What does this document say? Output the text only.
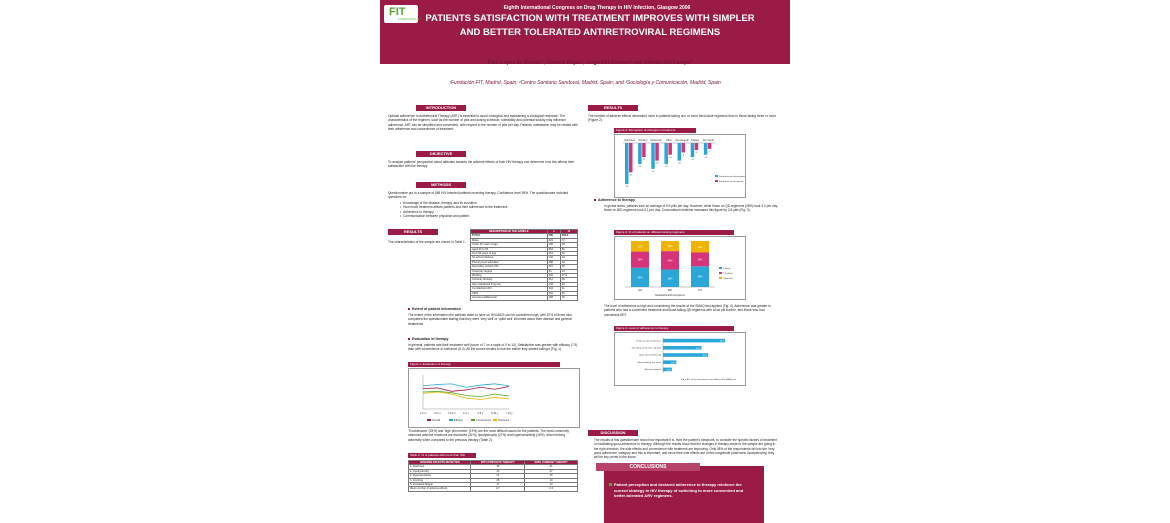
FIT
FUNDACIÓN FIT
Eighth International Congress on Drug Therapy in HIV Infection, Glasgow 2006
PATIENTS SATISFACTION WITH TREATMENT IMPROVES WITH SIMPLER AND BETTER TOLERATED ANTIRETROVIRAL REGIMENS
Pelo López de Munain¹, Daniela Rojas¹, Jorge Del Romero² and Alfredo Del Campo³
¹Fundación FIT, Madrid, Spain; ²Centro Sanitario Sandoval, Madrid, Spain; and ³Sociología y Comunicación, Madrid, Spain
INTRODUCTION
Optimal adherence to Antiretroviral Therapy (ART) is essential to avoid virological and maintaining a virological response. The characteristics of the regimen, such as the number of pills and dosing schedule, tolerability and potential toxicity may influence adherence. ART can be simplified and convenient, with respect to the number of pills per day. Patients' satisfaction may be related with their adherence and convenience of treatment.
OBJECTIVE
To analyse patients' perspective about attitudes towards the adverse effects of their HIV therapy and determine how this affects their satisfaction with the therapy.
METHODS
Questionnaire put to a sample of 585 HIV-infected patients receiving therapy. Confidence level 95%. The questionnaire included questions on:
• Knowledge of the disease, therapy, and its evolution.
• How much treatment affects patients and their adherence to the treatment.
• Adherence to therapy.
• Communication between physician and patient.
RESULTS
The characteristics of the sample are shown in Table 1.
DESCRIPTION OF THE SAMPLE	n	%
TOTAL	585	100.0
Males	423	72
Under 36 years of age	108	18
Aged 36 to 50	364	62
Over 50 years of age	113	19
No school diploma	142	24
Primary level education	188	32
Secondary school (VS)	207	35
University degree	84	14
Working	220	37.6
Currently drinking	212	36
Has maintained drug use	134	23
Co-infection HCV	244	41
AIDS	291	49
Homosexual/bisexual	168	29
Extent of patient information
The extent of the information the patients claim to have on HIV/AIDS can be considered high, with 87% of those who completed the questionnaire stating that they were 'very well' or 'quite well' informed about their disease and general treatments.
Evaluation of therapy
In general, patients rate their treatment well (score of 7 on a scale of 0 to 10). Satisfaction was greater with efficacy (7.5) than with convenience or tolerance (6.4). All the scores tended to rise the earlier they started taking it (Fig. 1).
Figure 1. Evaluation of therapy
1-3 m	4-6 m	7-12 m	1-2 y	2-5 y	5-10 y	> 10 y
Overall	Efficacy	Convenience	Tolerance
'Troublesome' (25%) and 'high pill number' (19%) are the most difficult issues for the patients. The most commonly observed adverse reactions are diarrhoea (31%), lipodystrophy (27%) and hypersensitivity (16%), which belong adversely when compared to the previous therapy (Table 2).
Table 2. % of patients with more than 40s
ADVERSE EFFECTS DETECTED	WITH PREVIOUS THERAPY	WITH CURRENT THERAPY
1. Diarrhoea	45	31
2. Lipodystrophy	43	27
3. Hypersensitivity	21	16
4. Vomiting	28	10
5. Increased fatigue	17	12
Mean number of adverse effects	2.7	2.4
RESULTS
The number of adverse effects decreased more in patients taking one or more fixed-dose regimens than in those taking three or more (Figure 2).
Figure 2. Perception of changes in treatment
Diarrhoea
-35
-25
Vomiting
-18
-12
Abdominal
-22
-15
Other
-18
-10
Neurological
-15
-8
Fatigue
-12
-6
Dry mouth
-10
-5
Fixed-dose one daily regimen
Fixed-dose current regimen
Adherence to therapy
In global terms, patients took an average of 5.9 pills per day. However, while those on QD regimens (28%) took 3.0 per day, those on BID regimens took 6.1 per day. Concomitant medicine increased this figure by 2.8 pills (Fig. 3).
Figure 3. % of patients on different dosing regimens
42%
35%
23%
QD
38%
40%
22%
BID
45%
30%
25%
TID
Medications/Prescriptions
3 pills/d
1-2 pills/d
Other pills
The level of adherence is high and considering the results of the SMAQ test applied (Fig. 4). Adherence was greater in patients who had a convenient treatment and those taking QD regimens with a low pill burden, and those who had convenient ART.
Figure 4. Level of adherence to therapy
Forget to take medication	84%
Not taking at the time required	52%
Stop when feeling well	61%
Missed during last week	18%
Missed weekend	12%
For a ALL of the interviewers according to the SMAQ test
DISCUSSION
The results of this questionnaire show how important it is, from the patient's viewpoint, to consider the specific factors of treatment on facilitating good adherence to therapy. Although the results show that the changes in therapy made to the sample are going in the right direction, the side effects and convenience with treatment are improving. Only 38% of the respondents fall into the 'very good adherence' category and this is important, and since their side effects are of this magnitude (diarrhoea, lipodystrophy) they will be key points in the future.
CONCLUSIONS
Patient perception and declared adherence to therapy reinforce the current strategy in HIV therapy of switching to more convenient and better-tolerated ARV regimens.
